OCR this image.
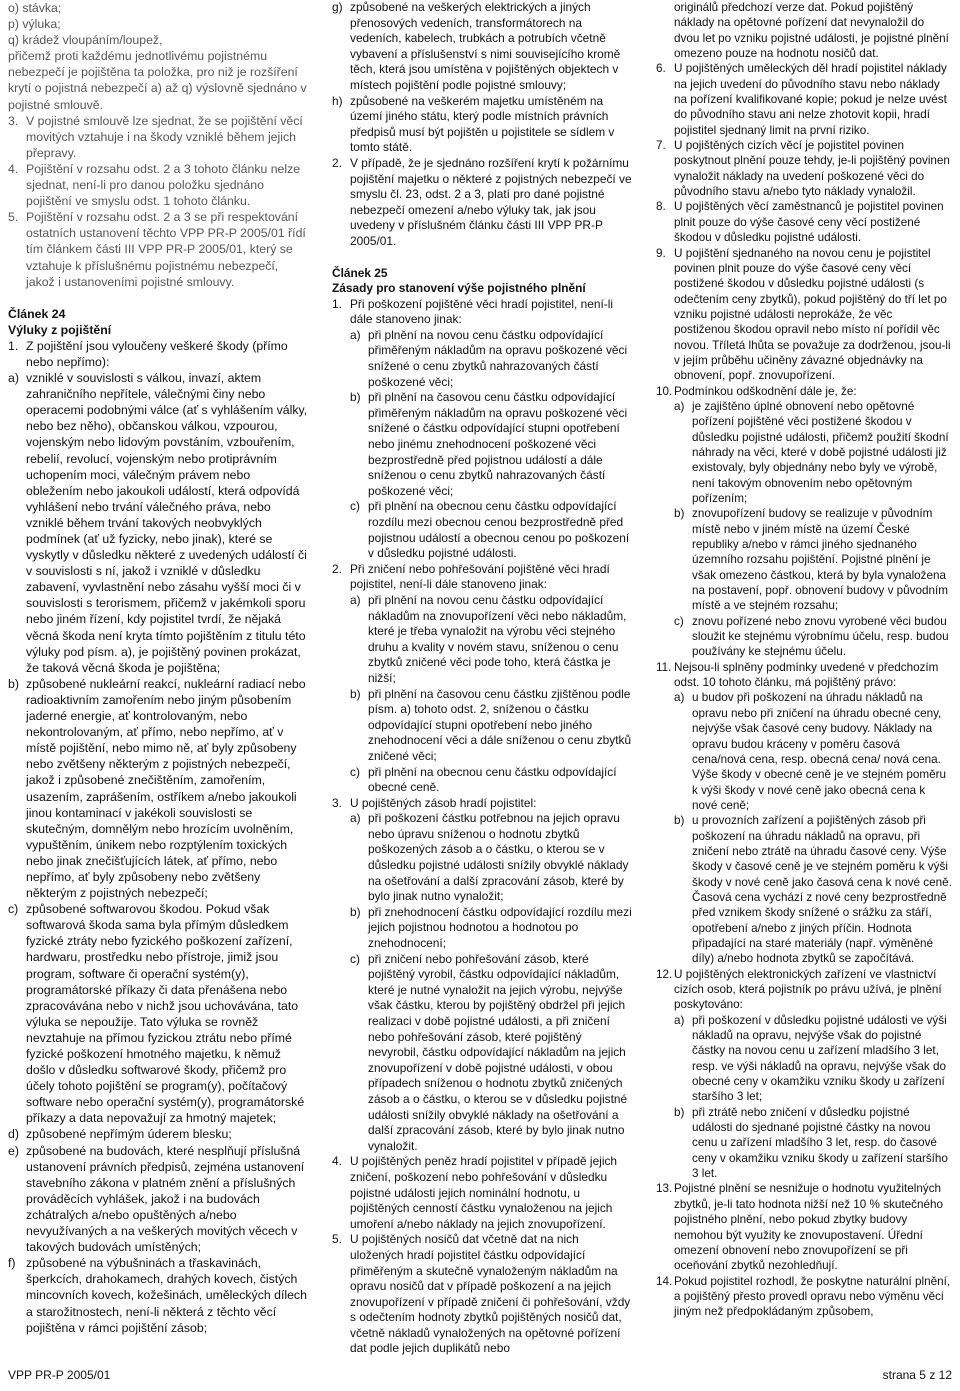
o) stávka;

p) výluka;

q) krádež vloupáním/loupež,

přičemž proti každému jednotlivému pojistnému nebezpečí je pojištěna ta položka, pro niž je rozšíření krytí o pojistná nebezpečí a) až q) výslovně sjednáno v pojistné smlouvě.

3. V pojistné smlouvě lze sjednat, že se pojištění věcí movitých vztahuje i na škody vzniklé během jejich přepravy.
4. Pojištění v rozsahu odst. 2 a 3 tohoto článku nelze sjednat, není-li pro danou položku sjednáno pojištění ve smyslu odst. 1 tohoto článku.
5. Pojištění v rozsahu odst. 2 a 3 se při respektování ostatních ustanovení těchto VPP PR-P 2005/01 řídí tím článkem části III VPP PR-P 2005/01, který se vztahuje k příslušnému pojistnému nebezpečí, jakož i ustanoveními pojistné smlouvy.

Článek 24

Výluky z pojištění

1. Z pojištění jsou vyloučeny veškeré škody (přímo nebo nepřímo):
a) vzniklé v souvislosti s válkou, invazí, aktem zahraničního nepřítele, válečnými činy nebo operacemi podobnými válce (ať s vyhlášením války, nebo bez něho), občanskou válkou, vzpourou, vojenským nebo lidovým povstáním, vzbouřením, rebelií, revolucí, vojenským nebo protiprávním uchopením moci, válečným právem nebo obležením nebo jakoukoli událostí, která odpovídá vyhlášení nebo trvání válečného práva, nebo vzniklé během trvání takových neobvyklých podmínek (ať už fyzicky, nebo jinak), které se vyskytly v důsledku některé z uvedených událostí či v souvislosti s ní, jakož i vzniklé v důsledku zabavení, vyvlastnění nebo zásahu vyšší moci či v souvislosti s terorismem, přičemž v jakémkoli sporu nebo jiném řízení, kdy pojistitel tvrdí, že nějaká věcná škoda není kryta tímto pojištěním z titulu této výluky pod písm. a), je pojištěný povinen prokázat, že taková věcná škoda je pojištěna;
b) způsobené nukleární reakcí, nukleární radiací nebo radioaktivním zamořením nebo jiným působením jaderné energie, ať kontrolovaným, nebo nekontrolovaným, ať přímo, nebo nepřímo, ať v místě pojištění, nebo mimo ně, ať byly způsobeny nebo zvětšeny některým z pojistných nebezpečí, jakož i způsobené znečištěním, zamořením, usazením, zaprášením, ostříkem a/nebo jakoukoli jinou kontaminací v jakékoli souvislosti se skutečným, domnělým nebo hrozícím uvolněním, vypuštěním, únikem nebo rozptýlením toxických nebo jinak znečišťujících látek, ať přímo, nebo nepřímo, ať byly způsobeny nebo zvětšeny některým z pojistných nebezpečí;
c) způsobené softwarovou škodou. Pokud však softwarová škoda sama byla přímým důsledkem fyzické ztráty nebo fyzického poškození zařízení, hardwaru, prostředku nebo přístroje, jimiž jsou program, software či operační systém(y), programátorské příkazy či data přenášena nebo zpracovávána nebo v nichž jsou uchovávána, tato výluka se nepoužije. Tato výluka se rovněž nevztahuje na přímou fyzickou ztrátu nebo přímé fyzické poškození hmotného majetku, k němuž došlo v důsledku softwarové škody, přičemž pro účely tohoto pojištění se program(y), počítačový software nebo operační systém(y), programátorské příkazy a data nepovažují za hmotný majetek;
d) způsobené nepřímým úderem blesku;
e) způsobené na budovách, které nesplňují příslušná ustanovení právních předpisů, zejména ustanovení stavebního zákona v platném znění a příslušných prováděcích vyhlášek, jakož i na budovách zchátralých a/nebo opuštěných a/nebo nevyužívaných a na veškerých movitých věcech v takových budovách umístěných;
f) způsobené na výbušninách a třaskavinách, šperkcích, drahokamech, drahých kovech, čistých mincovních kovech, kožešinách, uměleckých dílech a starožitnostech, není-li některá z těchto věcí pojištěna v rámci pojištění zásob;
g) způsobené na veškerých elektrických a jiných přenosových vedeních, transformátorech na vedeních, kabelech, trubkách a potrubích včetně vybavení a příslušenství s nimi souvisejícího kromě těch, která jsou umístěna v pojištěných objektech v místech pojištění podle pojistné smlouvy;
h) způsobené na veškerém majetku umístěném na území jiného státu, který podle místních právních předpisů musí být pojištěn u pojistitele se sídlem v tomto státě.
2. V případě, že je sjednáno rozšíření krytí k požárnímu pojištění majetku o některé z pojistných nebezpečí ve smyslu čl. 23, odst. 2 a 3, platí pro dané pojistné nebezpečí omezení a/nebo výluky tak, jak jsou uvedeny v příslušném článku části III VPP PR-P 2005/01.

Článek 25

Zásady pro stanovení výše pojistného plnění

1. Při poškození pojištěné věci hradí pojistitel, není-li dále stanoveno jinak:
a) při plnění na novou cenu částku odpovídající přiměřeným nákladům na opravu poškozené věci snížené o cenu zbytků nahrazovaných částí poškozené věci;
b) při plnění na časovou cenu částku odpovídající přiměřeným nákladům na opravu poškozené věci snížené o částku odpovídající stupni opotřebení nebo jinému znehodnocení poškozené věci bezprostředně před pojistnou událostí a dále sníženou o cenu zbytků nahrazovaných částí poškozené věci;
c) při plnění na obecnou cenu částku odpovídající rozdílu mezi obecnou cenou bezprostředně před pojistnou událostí a obecnou cenou po poškození v důsledku pojistné události.
2. Při zničení nebo pohřešování pojištěné věci hradí pojistitel, není-li dále stanoveno jinak:
a) při plnění na novou cenu částku odpovídající nákladům na znovupořízení věci nebo nákladům, které je třeba vynaložit na výrobu věci stejného druhu a kvality v novém stavu, sníženou o cenu zbytků zničené věci pode toho, která částka je nižší;
b) při plnění na časovou cenu částku zjištěnou podle písm. a) tohoto odst. 2, sníženou o částku odpovídající stupni opotřebení nebo jiného znehodnocení věci a dále sníženou o cenu zbytků zničené věci;
c) při plnění na obecnou cenu částku odpovídající obecné ceně.
3. U pojištěných zásob hradí pojistitel:
a) při poškození částku potřebnou na jejich opravu nebo úpravu sníženou o hodnotu zbytků poškozených zásob a o částku, o kterou se v důsledku pojistné události snížily obvyklé náklady na ošetřování a další zpracování zásob, které by bylo jinak nutno vynaložit;
b) při znehodnocení částku odpovídající rozdílu mezi jejich pojistnou hodnotou a hodnotou po znehodnocení;
c) při zničení nebo pohřešování zásob, které pojištěný vyrobil, částku odpovídající nákladům, které je nutné vynaložit na jejich výrobu, nejvýše však částku, kterou by pojištěný obdržel při jejich realizaci v době pojistné události, a při zničení nebo pohřešování zásob, které pojištěný nevyrobil, částku odpovídající nákladům na jejich znovupořízení v době pojistné události, v obou případech sníženou o hodnotu zbytků zničených zásob a o částku, o kterou se v důsledku pojistné události snížily obvyklé náklady na ošetřování a další zpracování zásob, které by bylo jinak nutno vynaložit.
4. U pojištěných peněz hradí pojistitel v případě jejich zničení, poškození nebo pohřešování v důsledku pojistné události jejich nominální hodnotu, u pojištěných cenností částku vynaloženou na jejich umoření a/nebo náklady na jejich znovupořízení.
5. U pojištěných nosičů dat včetně dat na nich uložených hradí pojistitel částku odpovídající přiměřeným a skutečně vynaloženým nákladům na opravu nosičů dat v případě poškození a na jejich znovupořízení v případě zničení či pohřešování, vždy s odečtením hodnoty zbytků pojištěných nosičů dat, včetně nákladů vynaložených na opětovné pořízení dat podle jejich duplikátů nebo

originálů předchozí verze dat. Pokud pojištěný náklady na opětovné pořízení dat nevynaložil do dvou let po vzniku pojistné události, je pojistné plnění omezeno pouze na hodnotu nosičů dat.

6. U pojištěných uměleckých děl hradí pojistitel náklady na jejich uvedení do původního stavu nebo náklady na pořízení kvalifikované kopie; pokud je nelze uvést do původního stavu ani nelze zhotovit kopii, hradí pojistitel sjednaný limit na první riziko.
7. U pojištěných cizích věcí je pojistitel povinen poskytnout plnění pouze tehdy, je-li pojištěný povinen vynaložit náklady na uvedení poškozené věci do původního stavu a/nebo tyto náklady vynaložil.
8. U pojištěných věcí zaměstnanců je pojistitel povinen plnit pouze do výše časové ceny věcí postižené škodou v důsledku pojistné události.
9. U pojištění sjednaného na novou cenu je pojistitel povinen plnit pouze do výše časové ceny věcí postižené škodou v důsledku pojistné události (s odečtením ceny zbytků), pokud pojištěný do tří let po vzniku pojistné události neprokáže, že věc postiženou škodou opravil nebo místo ní pořídil věc novou. Tříletá lhůta se považuje za dodrženou, jsou-li v jejím průběhu učiněny závazné objednávky na obnovení, popř. znovupořízení.
10. Podmínkou odškodnění dále je, že:
a) je zajištěno úplné obnovení nebo opětovné pořízení pojištěné věci postižené škodou v důsledku pojistné události, přičemž použití škodní náhrady na věci, které v době pojistné události již existovaly, byly objednány nebo byly ve výrobě, není takovým obnovením nebo opětovným pořízením;
b) znovupořízení budovy se realizuje v původním místě nebo v jiném místě na území České republiky a/nebo v rámci jiného sjednaného územního rozsahu pojištění. Pojistné plnění je však omezeno částkou, která by byla vynaložena na postavení, popř. obnovení budovy v původním místě a ve stejném rozsahu;
c) znovu pořízené nebo znovu vyrobené věci budou sloužit ke stejnému výrobnímu účelu, resp. budou používány ke stejnému účelu.
11. Nejsou-li splněny podmínky uvedené v předchozím odst. 10 tohoto článku, má pojištěný právo:
a) u budov při poškození na úhradu nákladů na opravu nebo při zničení na úhradu obecné ceny, nejvýše však časové ceny budovy. Náklady na opravu budou kráceny v poměru časová cena/nová cena, resp. obecná cena/ nová cena. Výše škody v obecné ceně je ve stejném poměru k výši škody v nové ceně jako obecná cena k nové ceně;
b) u provozních zařízení a pojištěných zásob při poškození na úhradu nákladů na opravu, při zničení nebo ztrátě na úhradu časové ceny. Výše škody v časové ceně je ve stejném poměru k výši škody v nové ceně jako časová cena k nové ceně. Časová cena vychází z nové ceny bezprostředně před vznikem škody snížené o srážku za stáří, opotřebení a/nebo z jiných příčin. Hodnota připadající na staré materiály (např. výměněné díly) a/nebo hodnota zbytků se započítává.
12. U pojištěných elektronických zařízení ve vlastnictví cizích osob, která pojistník po právu užívá, je plnění poskytováno:
a) při poškození v důsledku pojistné události ve výši nákladů na opravu, nejvýše však do pojistné částky na novou cenu u zařízení mladšího 3 let, resp. ve výši nákladů na opravu, nejvýše však do obecné ceny v okamžiku vzniku škody u zařízení staršího 3 let;
b) při ztrátě nebo zničení v důsledku pojistné události do sjednané pojistné částky na novou cenu u zařízení mladšího 3 let, resp. do časové ceny v okamžiku vzniku škody u zařízení staršího 3 let.
13. Pojistné plnění se nesnižuje o hodnotu využitelných zbytků, je-li tato hodnota nižší než 10 % skutečného pojistného plnění, nebo pokud zbytky budovy nemohou být využity ke znovupostavení. Úřední omezení obnovení nebo znovupořízení se při oceňování zbytků nezohledňují.
14. Pokud pojistitel rozhodl, že poskytne naturální plnění, a pojištěný přesto provedl opravu nebo výměnu věci jiným než předpokládaným způsobem,
VPP PR-P 2005/01	strana 5 z 12
